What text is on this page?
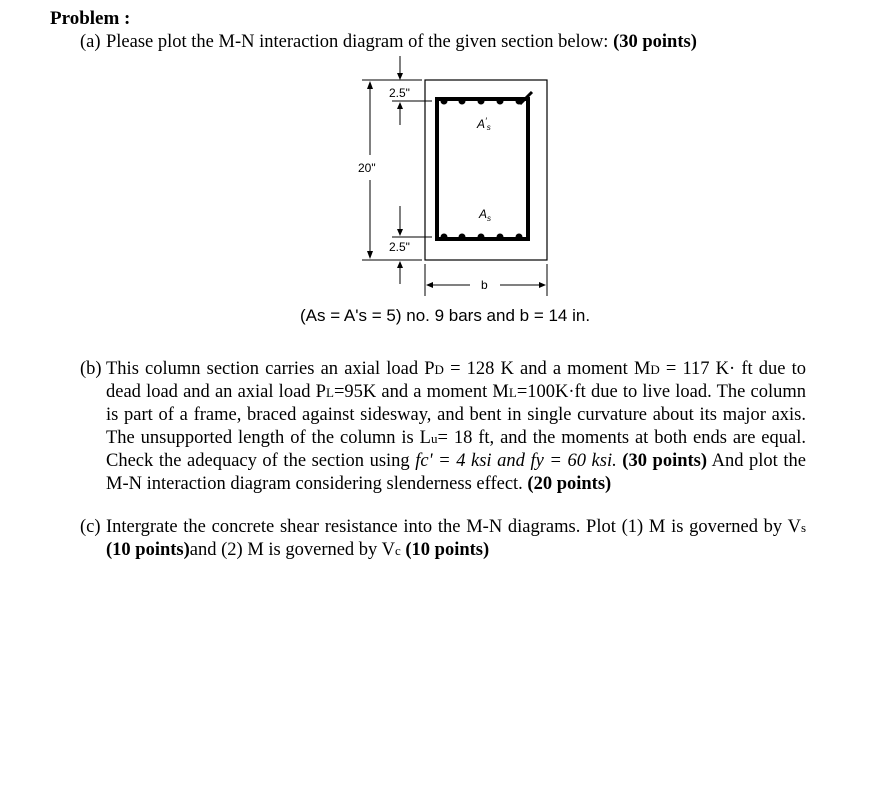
Problem :
(a) Please plot the M-N interaction diagram of the given section below: (30 points)
$A'_s$
$A_s$
20"
2.5"
2.5"
b
(As = A's = 5) no. 9 bars and b = 14 in.
(b) This column section carries an axial load PD = 128 K and a moment MD = 117 K· ft due to dead load and an axial load PL=95K and a moment ML=100K·ft due to live load. The column is part of a frame, braced against sidesway, and bent in single curvature about its major axis. The unsupported length of the column is Lu= 18 ft, and the moments at both ends are equal. Check the adequacy of the section using fc' = 4 ksi and fy = 60 ksi. (30 points) And plot the M-N interaction diagram considering slenderness effect. (20 points)
(c) Intergrate the concrete shear resistance into the M-N diagrams. Plot (1) M is governed by Vs (10 points)and (2) M is governed by Vc (10 points)
